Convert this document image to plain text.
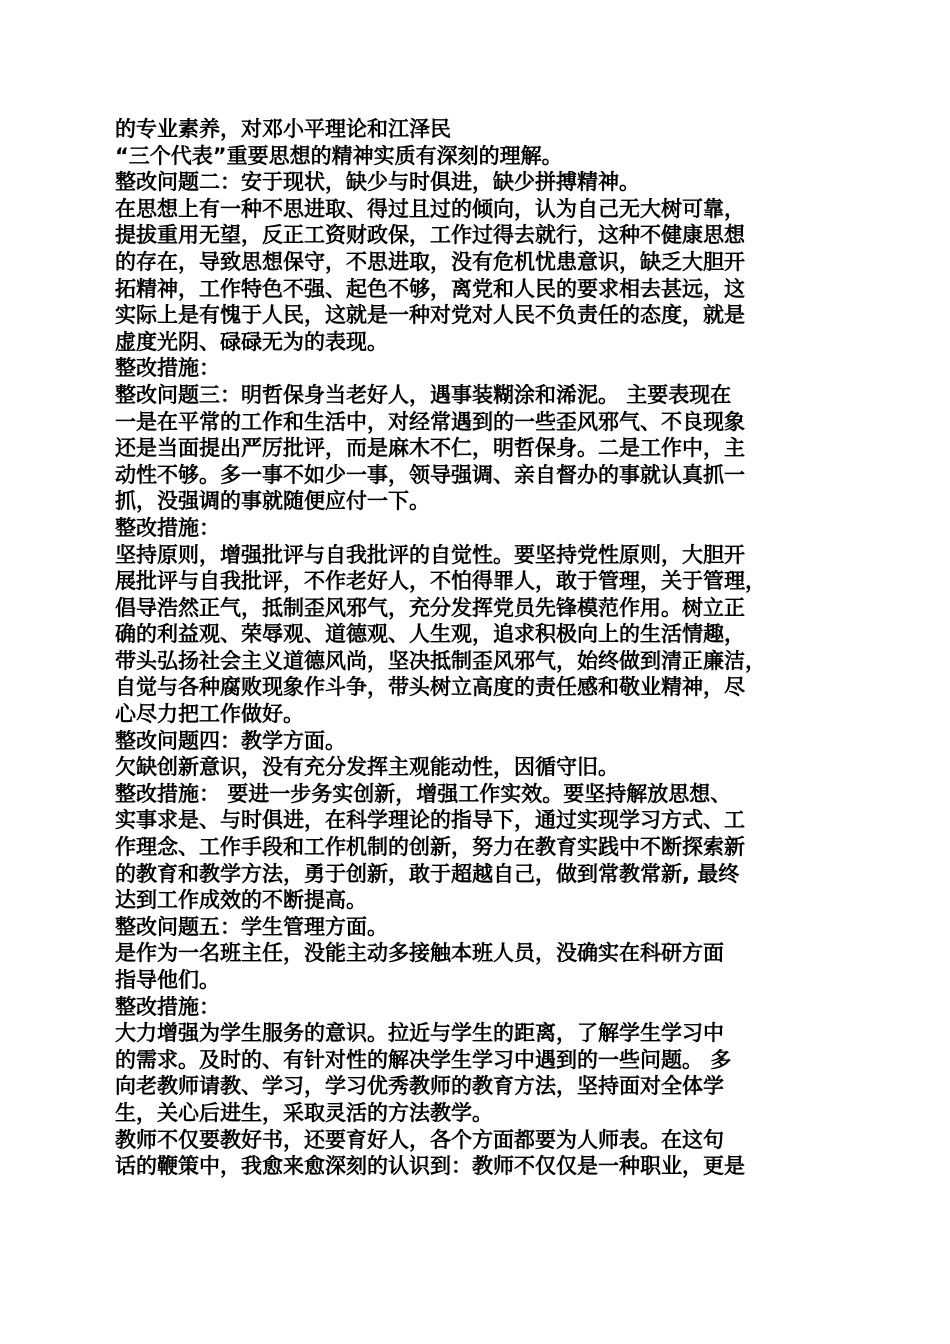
的专业素养，对邓小平理论和江泽民
“三个代表”重要思想的精神实质有深刻的理解。
整改问题二：安于现状，缺少与时俱进，缺少拼搏精神。
在思想上有一种不思进取、得过且过的倾向，认为自己无大树可靠，
提拔重用无望，反正工资财政保，工作过得去就行，这种不健康思想
的存在，导致思想保守，不思进取，没有危机忧患意识，缺乏大胆开
拓精神，工作特色不强、起色不够，离党和人民的要求相去甚远，这
实际上是有愧于人民，这就是一种对党对人民不负责任的态度，就是
虚度光阴、碌碌无为的表现。
整改措施：
整改问题三：明哲保身当老好人，遇事装糊涂和浠泥。 主要表现在
一是在平常的工作和生活中，对经常遇到的一些歪风邪气、不良现象
还是当面提出严厉批评，而是麻木不仁，明哲保身。二是工作中，主
动性不够。多一事不如少一事，领导强调、亲自督办的事就认真抓一
抓，没强调的事就随便应付一下。
整改措施：
坚持原则，增强批评与自我批评的自觉性。要坚持党性原则，大胆开
展批评与自我批评，不作老好人，不怕得罪人，敢于管理，关于管理，
倡导浩然正气，抵制歪风邪气，充分发挥党员先锋模范作用。树立正
确的利益观、荣辱观、道德观、人生观，追求积极向上的生活情趣，
带头弘扬社会主义道德风尚，坚决抵制歪风邪气，始终做到清正廉洁，
自觉与各种腐败现象作斗争，带头树立高度的责任感和敬业精神，尽
心尽力把工作做好。
整改问题四：教学方面。
欠缺创新意识，没有充分发挥主观能动性，因循守旧。
整改措施： 要进一步务实创新，增强工作实效。要坚持解放思想、
实事求是、与时俱进，在科学理论的指导下，通过实现学习方式、工
作理念、工作手段和工作机制的创新，努力在教育实践中不断探索新
的教育和教学方法，勇于创新，敢于超越自己，做到常教常新, 最终
达到工作成效的不断提高。
整改问题五：学生管理方面。
是作为一名班主任，没能主动多接触本班人员，没确实在科研方面
指导他们。
整改措施：
大力增强为学生服务的意识。拉近与学生的距离，了解学生学习中
的需求。及时的、有针对性的解决学生学习中遇到的一些问题。 多
向老教师请教、学习，学习优秀教师的教育方法，坚持面对全体学
生，关心后进生，采取灵活的方法教学。
教师不仅要教好书，还要育好人，各个方面都要为人师表。在这句
话的鞭策中，我愈来愈深刻的认识到：教师不仅仅是一种职业，更是
